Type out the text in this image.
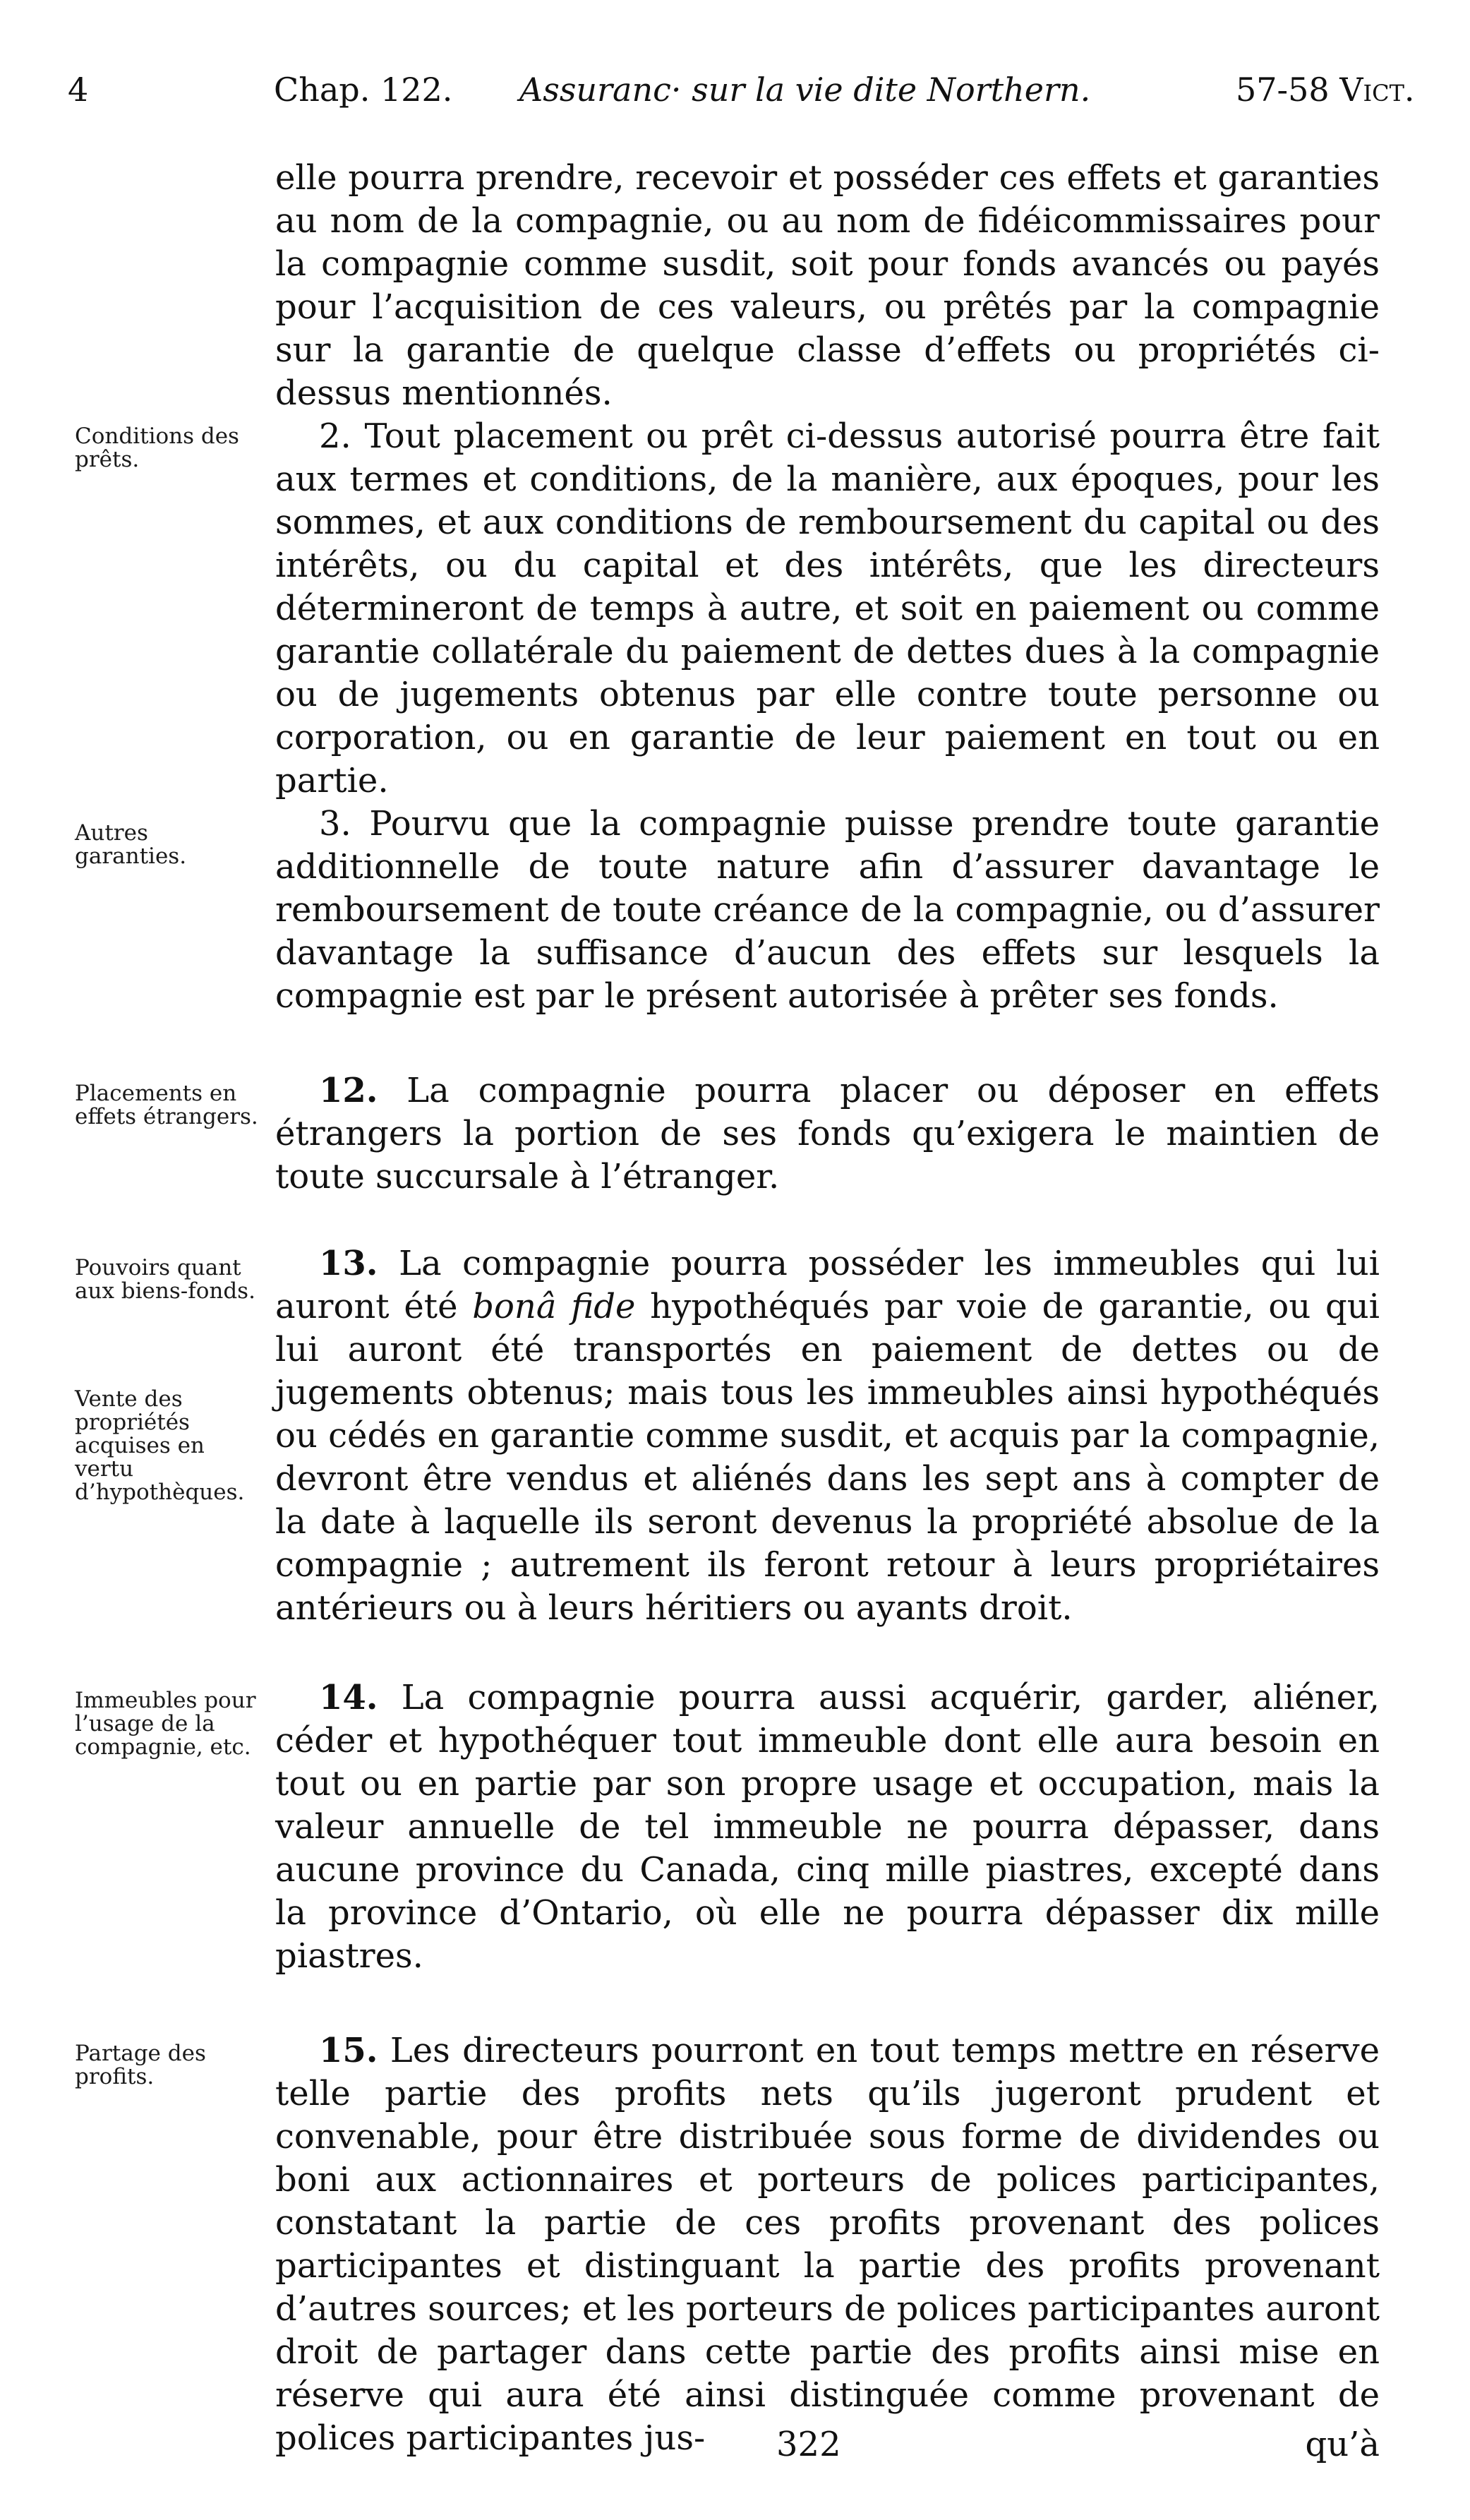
4	Chap. 122. Assuranc· sur la vie dite Northern.	57-58 Vict.

elle pourra prendre, recevoir et posséder ces effets et garanties au nom de la compagnie, ou au nom de fidéicommissaires pour la compagnie comme susdit, soit pour fonds avancés ou payés pour l’acquisition de ces valeurs, ou prêtés par la compagnie sur la garantie de quelque classe d’effets ou propriétés ci-dessus mentionnés.

2. Tout placement ou prêt ci-dessus autorisé pourra être fait aux termes et conditions, de la manière, aux époques, pour les sommes, et aux conditions de remboursement du capital ou des intérêts, ou du capital et des intérêts, que les directeurs détermineront de temps à autre, et soit en paiement ou comme garantie collatérale du paiement de dettes dues à la compagnie ou de jugements obtenus par elle contre toute personne ou corporation, ou en garantie de leur paiement en tout ou en partie.

3. Pourvu que la compagnie puisse prendre toute garantie additionnelle de toute nature afin d’assurer davantage le remboursement de toute créance de la compagnie, ou d’assurer davantage la suffisance d’aucun des effets sur lesquels la compagnie est par le présent autorisée à prêter ses fonds.

12. La compagnie pourra placer ou déposer en effets étrangers la portion de ses fonds qu’exigera le maintien de toute succursale à l’étranger.

13. La compagnie pourra posséder les immeubles qui lui auront été bonâ fide hypothéqués par voie de garantie, ou qui lui auront été transportés en paiement de dettes ou de jugements obtenus; mais tous les immeubles ainsi hypothéqués ou cédés en garantie comme susdit, et acquis par la compagnie, devront être vendus et aliénés dans les sept ans à compter de la date à laquelle ils seront devenus la propriété absolue de la compagnie ; autrement ils feront retour à leurs propriétaires antérieurs ou à leurs héritiers ou ayants droit.

14. La compagnie pourra aussi acquérir, garder, aliéner, céder et hypothéquer tout immeuble dont elle aura besoin en tout ou en partie par son propre usage et occupation, mais la valeur annuelle de tel immeuble ne pourra dépasser, dans aucune province du Canada, cinq mille piastres, excepté dans la province d’Ontario, où elle ne pourra dépasser dix mille piastres.

15. Les directeurs pourront en tout temps mettre en réserve telle partie des profits nets qu’ils jugeront prudent et convenable, pour être distribuée sous forme de dividendes ou boni aux actionnaires et porteurs de polices participantes, constatant la partie de ces profits provenant des polices participantes et distinguant la partie des profits provenant d’autres sources; et les porteurs de polices participantes auront droit de partager dans cette partie des profits ainsi mise en réserve qui aura été ainsi distinguée comme provenant de polices participantes jus-

Conditions des prêts.
Autres garanties.
Placements en effets étrangers.
Pouvoirs quant aux biens-fonds.
Vente des propriétés acquises en vertu d’hypothèques.
Immeubles pour l’usage de la compagnie, etc.
Partage des profits.
322	qu’à
